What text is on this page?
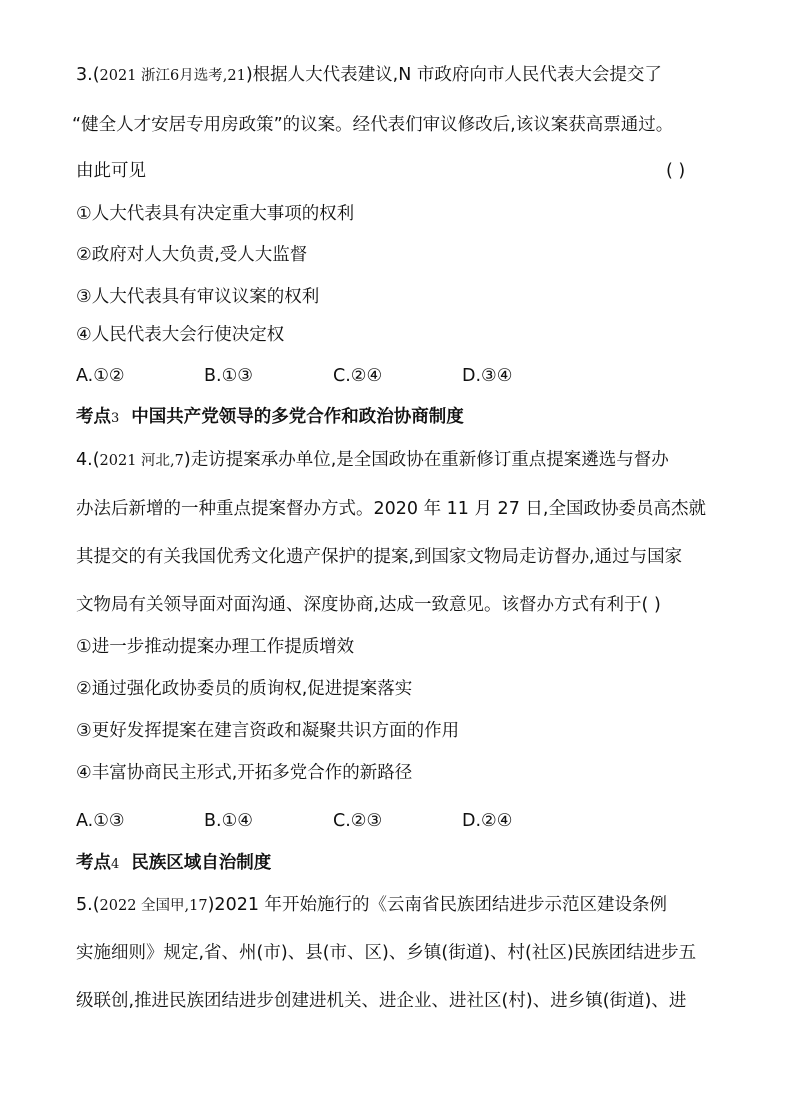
3.(2021 浙江6月选考,21)根据人大代表建议,N 市政府向市人民代表大会提交了
“健全人才安居专用房政策”的议案。经代表们审议修改后,该议案获高票通过。
由此可见	( )
①人大代表具有决定重大事项的权利
②政府对人大负责,受人大监督
③人大代表具有审议议案的权利
④人民代表大会行使决定权
A.①②	B.①③	C.②④	D.③④
考点3 中国共产党领导的多党合作和政治协商制度
4.(2021 河北,7)走访提案承办单位,是全国政协在重新修订重点提案遴选与督办
办法后新增的一种重点提案督办方式。2020 年 11 月 27 日,全国政协委员高杰就
其提交的有关我国优秀文化遗产保护的提案,到国家文物局走访督办,通过与国家
文物局有关领导面对面沟通、深度协商,达成一致意见。该督办方式有利于( )
①进一步推动提案办理工作提质增效
②通过强化政协委员的质询权,促进提案落实
③更好发挥提案在建言资政和凝聚共识方面的作用
④丰富协商民主形式,开拓多党合作的新路径
A.①③	B.①④	C.②③	D.②④
考点4 民族区域自治制度
5.(2022 全国甲,17)2021 年开始施行的《云南省民族团结进步示范区建设条例
实施细则》规定,省、州(市)、县(市、区)、乡镇(街道)、村(社区)民族团结进步五
级联创,推进民族团结进步创建进机关、进企业、进社区(村)、进乡镇(街道)、进
